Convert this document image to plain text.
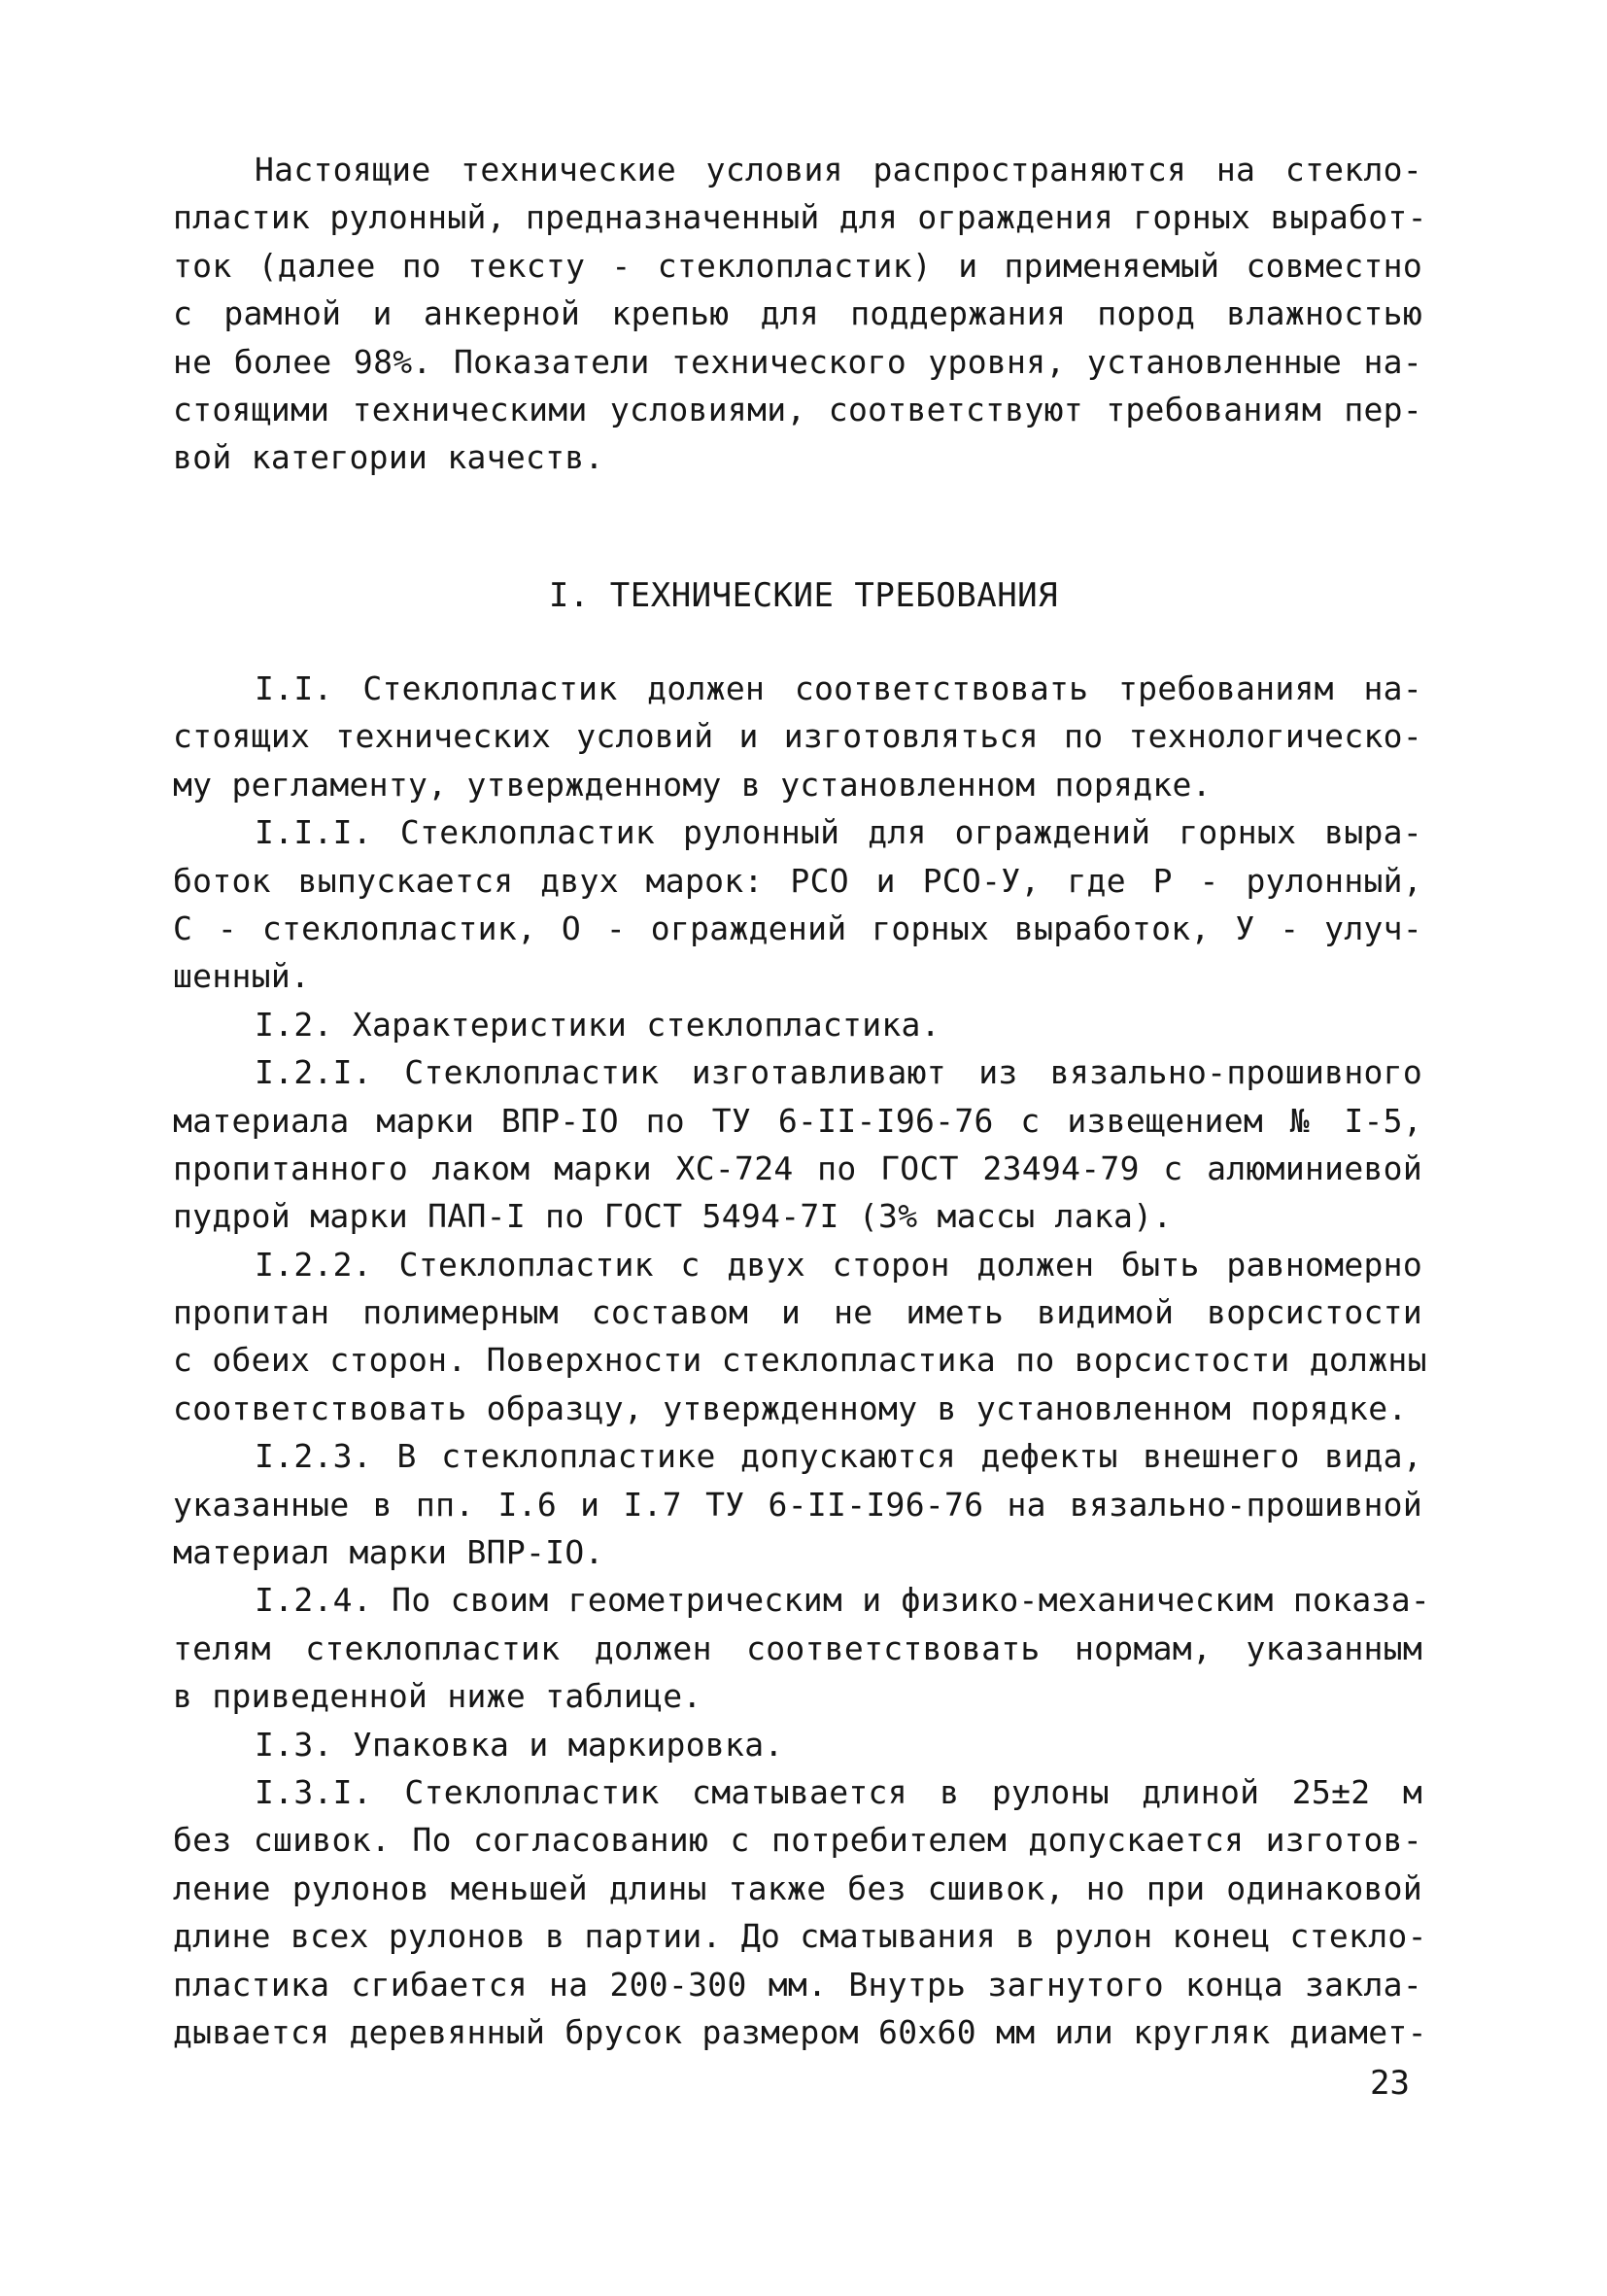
Настоящие технические условия распространяются на стекло-
пластик рулонный, предназначенный для ограждения горных выработ-
ток (далее по тексту - стеклопластик) и применяемый совместно
с рамной и анкерной крепью для поддержания пород влажностью
не более 98%. Показатели технического уровня, установленные на-
стоящими техническими условиями, соответствуют требованиям пер-
вой категории качеств.
I. ТЕХНИЧЕСКИЕ ТРЕБОВАНИЯ
I.I. Стеклопластик должен соответствовать требованиям на-
стоящих технических условий и изготовляться по технологическо-
му регламенту, утвержденному в установленном порядке.
I.I.I. Стеклопластик рулонный для ограждений горных выра-
боток выпускается двух марок: РСО и РСО-У, где Р - рулонный,
С - стеклопластик, О - ограждений горных выработок, У - улуч-
шенный.
I.2. Характеристики стеклопластика.
I.2.I. Стеклопластик изготавливают из вязально-прошивного
материала марки ВПР-IO по ТУ 6-II-I96-76 с извещением № I-5,
пропитанного лаком марки ХС-724 по ГОСТ 23494-79 с алюминиевой
пудрой марки ПАП-I по ГОСТ 5494-7I (3% массы лака).
I.2.2. Стеклопластик с двух сторон должен быть равномерно
пропитан полимерным составом и не иметь видимой ворсистости
с обеих сторон. Поверхности стеклопластика по ворсистости должны
соответствовать образцу, утвержденному в установленном порядке.
I.2.3. В стеклопластике допускаются дефекты внешнего вида,
указанные в пп. I.6 и I.7 ТУ 6-II-I96-76 на вязально-прошивной
материал марки ВПР-IO.
I.2.4. По своим геометрическим и физико-механическим показа-
телям стеклопластик должен соответствовать нормам, указанным
в приведенной ниже таблице.
I.3. Упаковка и маркировка.
I.3.I. Стеклопластик сматывается в рулоны длиной 25±2 м
без сшивок. По согласованию с потребителем допускается изготов-
ление рулонов меньшей длины также без сшивок, но при одинаковой
длине всех рулонов в партии. До сматывания в рулон конец стекло-
пластика сгибается на 200-300 мм. Внутрь загнутого конца закла-
дывается деревянный брусок размером 60х60 мм или кругляк диамет-
23
